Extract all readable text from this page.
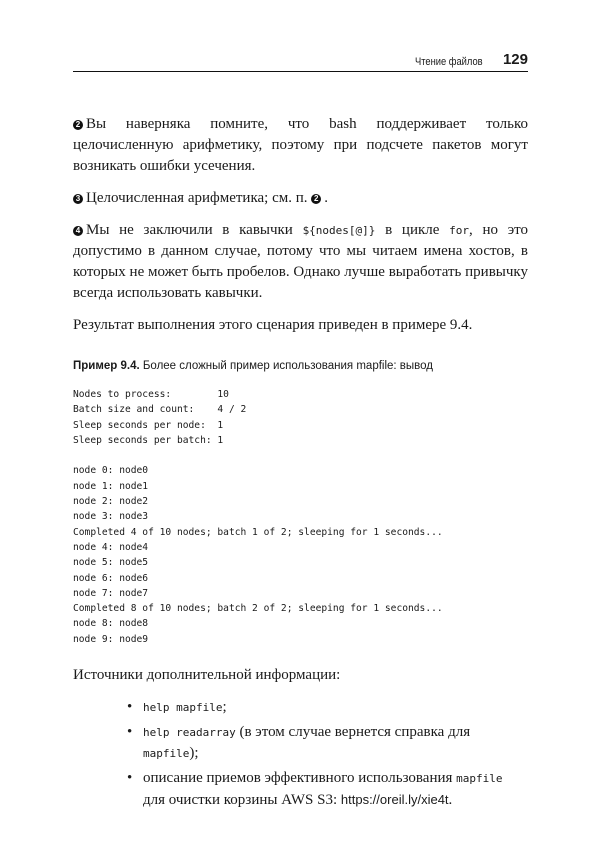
Чтение файлов 129

2 Вы наверняка помните, что bash поддерживает только целочисленную арифметику, поэтому при подсчете пакетов могут возникать ошибки усечения.

3 Целочисленная арифметика; см. п. 2 .

4 Мы не заключили в кавычки ${nodes[@]} в цикле for, но это допустимо в данном случае, потому что мы читаем имена хостов, в которых не может быть пробелов. Однако лучше выработать привычку всегда использовать кавычки.

Результат выполнения этого сценария приведен в примере 9.4.

Пример 9.4. Более сложный пример использования mapfile: вывод
Nodes to process:        10
Batch size and count:    4 / 2
Sleep seconds per node:  1
Sleep seconds per batch: 1

node 0: node0
node 1: node1
node 2: node2
node 3: node3
Completed 4 of 10 nodes; batch 1 of 2; sleeping for 1 seconds...
node 4: node4
node 5: node5
node 6: node6
node 7: node7
Completed 8 of 10 nodes; batch 2 of 2; sleeping for 1 seconds...
node 8: node8
node 9: node9

Источники дополнительной информации:

• help mapfile;
• help readarray (в этом случае вернется справка для mapfile);
• описание приемов эффективного использования mapfile для очистки корзины AWS S3: https://oreil.ly/xie4t.
